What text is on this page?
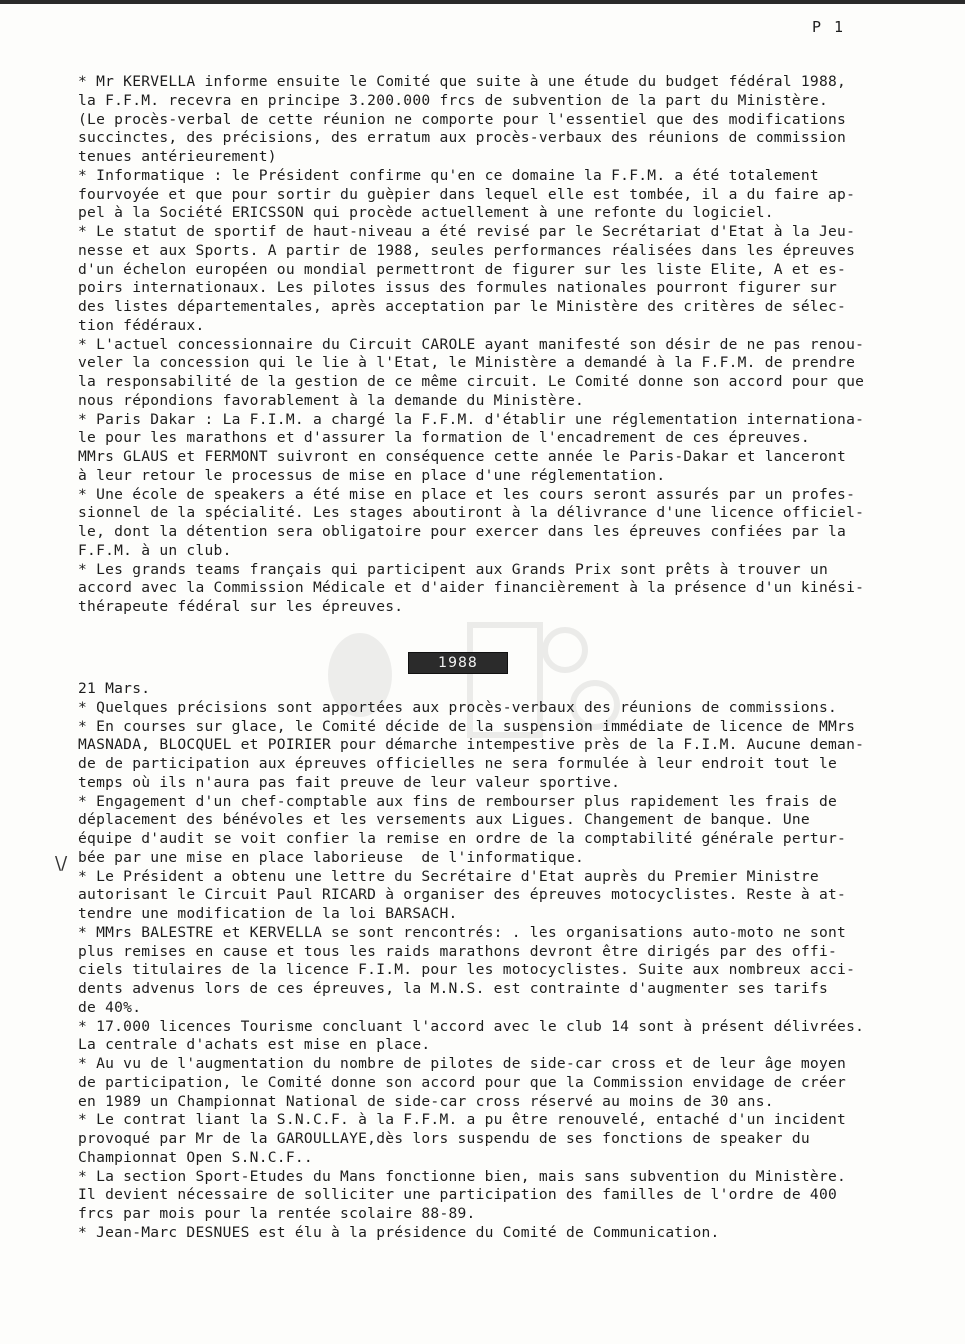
P 1

* Mr KERVELLA informe ensuite le Comité que suite à une étude du budget fédéral 1988,

la F.F.M. recevra en principe 3.200.000 frcs de subvention de la part du Ministère.

(Le procès-verbal de cette réunion ne comporte pour l'essentiel que des modifications

succinctes, des précisions, des erratum aux procès-verbaux des réunions de commission

tenues antérieurement)

* Informatique : le Président confirme qu'en ce domaine la F.F.M. a été totalement

fourvoyée et que pour sortir du guèpier dans lequel elle est tombée, il a du faire ap-

pel à la Société ERICSSON qui procède actuellement à une refonte du logiciel.

* Le statut de sportif de haut-niveau a été revisé par le Secrétariat d'Etat à la Jeu-

nesse et aux Sports. A partir de 1988, seules performances réalisées dans les épreuves

d'un échelon européen ou mondial permettront de figurer sur les liste Elite, A et es-

poirs internationaux. Les pilotes issus des formules nationales pourront figurer sur

des listes départementales, après acceptation par le Ministère des critères de sélec-

tion fédéraux.

* L'actuel concessionnaire du Circuit CAROLE ayant manifesté son désir de ne pas renou-

veler la concession qui le lie à l'Etat, le Ministère a demandé à la F.F.M. de prendre

la responsabilité de la gestion de ce même circuit. Le Comité donne son accord pour que

nous répondions favorablement à la demande du Ministère.

* Paris Dakar : La F.I.M. a chargé la F.F.M. d'établir une réglementation internationa-

le pour les marathons et d'assurer la formation de l'encadrement de ces épreuves.

MMrs GLAUS et FERMONT suivront en conséquence cette année le Paris-Dakar et lanceront

à leur retour le processus de mise en place d'une réglementation.

* Une école de speakers a été mise en place et les cours seront assurés par un profes-

sionnel de la spécialité. Les stages aboutiront à la délivrance d'une licence officiel-

le, dont la détention sera obligatoire pour exercer dans les épreuves confiées par la

F.F.M. à un club.

* Les grands teams français qui participent aux Grands Prix sont prêts à trouver un

accord avec la Commission Médicale et d'aider financièrement à la présence d'un kinési-

thérapeute fédéral sur les épreuves.

1988

21 Mars.

* Quelques précisions sont apportées aux procès-verbaux des réunions de commissions.

* En courses sur glace, le Comité décide de la suspension immédiate de licence de MMrs

MASNADA, BLOCQUEL et POIRIER pour démarche intempestive près de la F.I.M. Aucune deman-

de de participation aux épreuves officielles ne sera formulée à leur endroit tout le

temps où ils n'aura pas fait preuve de leur valeur sportive.

* Engagement d'un chef-comptable aux fins de rembourser plus rapidement les frais de

déplacement des bénévoles et les versements aux Ligues. Changement de banque. Une

équipe d'audit se voit confier la remise en ordre de la comptabilité générale pertur-

bée par une mise en place laborieuse  de l'informatique.

* Le Président a obtenu une lettre du Secrétaire d'Etat auprès du Premier Ministre

autorisant le Circuit Paul RICARD à organiser des épreuves motocyclistes. Reste à at-

tendre une modification de la loi BARSACH.

* MMrs BALESTRE et KERVELLA se sont rencontrés: . les organisations auto-moto ne sont

plus remises en cause et tous les raids marathons devront être dirigés par des offi-

ciels titulaires de la licence F.I.M. pour les motocyclistes. Suite aux nombreux acci-

dents advenus lors de ces épreuves, la M.N.S. est contrainte d'augmenter ses tarifs

de 40%.

* 17.000 licences Tourisme concluant l'accord avec le club 14 sont à présent délivrées.

La centrale d'achats est mise en place.

* Au vu de l'augmentation du nombre de pilotes de side-car cross et de leur âge moyen

de participation, le Comité donne son accord pour que la Commission envidage de créer

en 1989 un Championnat National de side-car cross réservé au moins de 30 ans.

* Le contrat liant la S.N.C.F. à la F.F.M. a pu être renouvelé, entaché d'un incident

provoqué par Mr de la GAROULLAYE,dès lors suspendu de ses fonctions de speaker du

Championnat Open S.N.C.F..

* La section Sport-Etudes du Mans fonctionne bien, mais sans subvention du Ministère.

Il devient nécessaire de solliciter une participation des familles de l'ordre de 400

frcs par mois pour la rentée scolaire 88-89.

* Jean-Marc DESNUES est élu à la présidence du Comité de Communication.

\/
